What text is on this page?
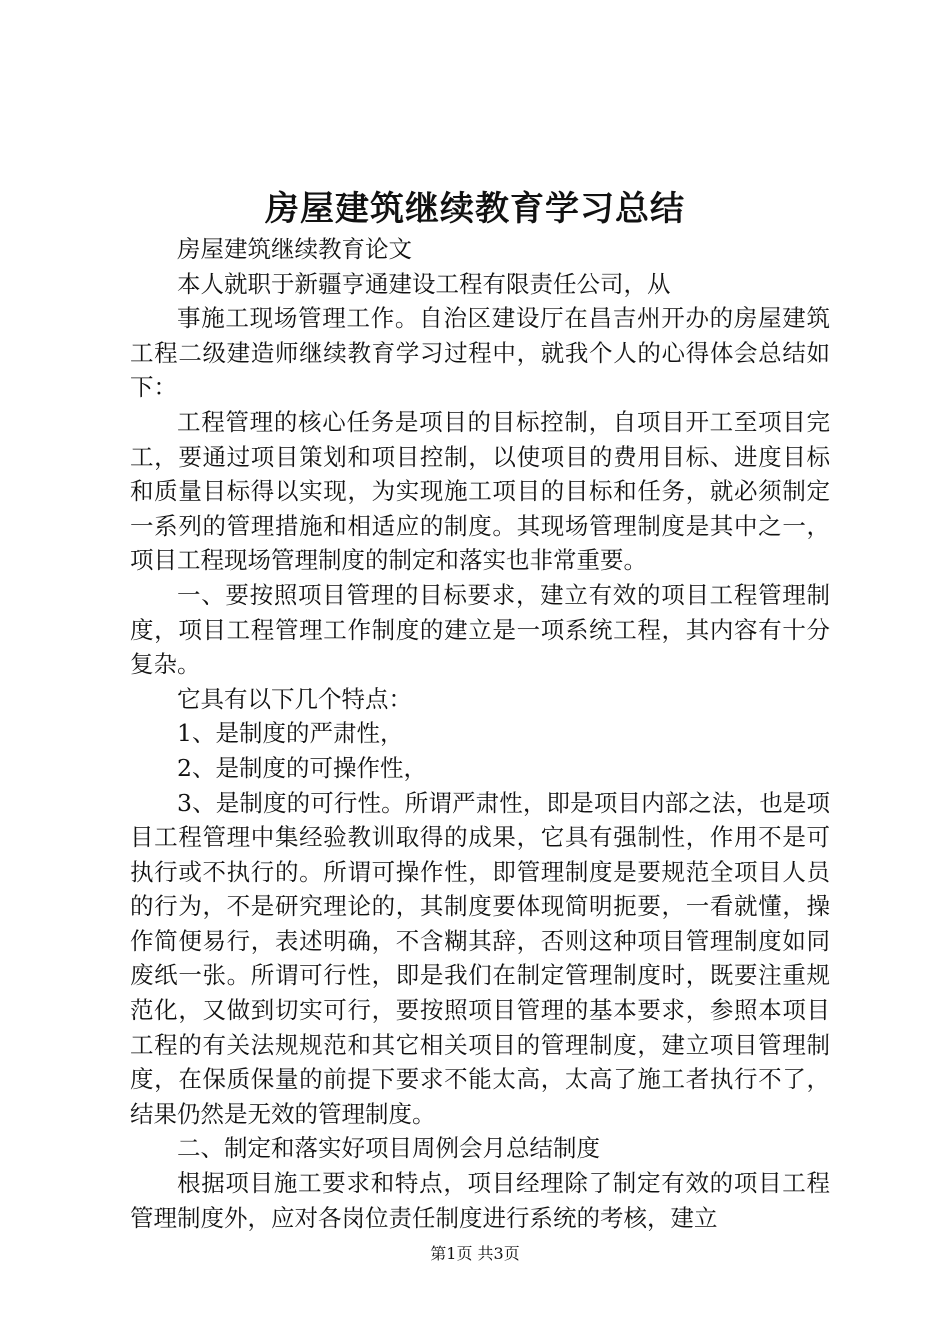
房屋建筑继续教育学习总结

房屋建筑继续教育论文

本人就职于新疆亨通建设工程有限责任公司，从

事施工现场管理工作。自治区建设厅在昌吉州开办的房屋建筑工程二级建造师继续教育学习过程中，就我个人的心得体会总结如下：

工程管理的核心任务是项目的目标控制，自项目开工至项目完工，要通过项目策划和项目控制，以使项目的费用目标、进度目标和质量目标得以实现，为实现施工项目的目标和任务，就必须制定一系列的管理措施和相适应的制度。其现场管理制度是其中之一，项目工程现场管理制度的制定和落实也非常重要。

一、要按照项目管理的目标要求，建立有效的项目工程管理制度，项目工程管理工作制度的建立是一项系统工程，其内容有十分复杂。

它具有以下几个特点：

1、是制度的严肃性，

2、是制度的可操作性，

3、是制度的可行性。所谓严肃性，即是项目内部之法，也是项目工程管理中集经验教训取得的成果，它具有强制性，作用不是可执行或不执行的。所谓可操作性，即管理制度是要规范全项目人员的行为，不是研究理论的，其制度要体现简明扼要，一看就懂，操作简便易行，表述明确，不含糊其辞，否则这种项目管理制度如同废纸一张。所谓可行性，即是我们在制定管理制度时，既要注重规范化，又做到切实可行，要按照项目管理的基本要求，参照本项目工程的有关法规规范和其它相关项目的管理制度，建立项目管理制度，在保质保量的前提下要求不能太高，太高了施工者执行不了，结果仍然是无效的管理制度。

二、制定和落实好项目周例会月总结制度

根据项目施工要求和特点，项目经理除了制定有效的项目工程管理制度外，应对各岗位责任制度进行系统的考核，建立

第1页 共3页
